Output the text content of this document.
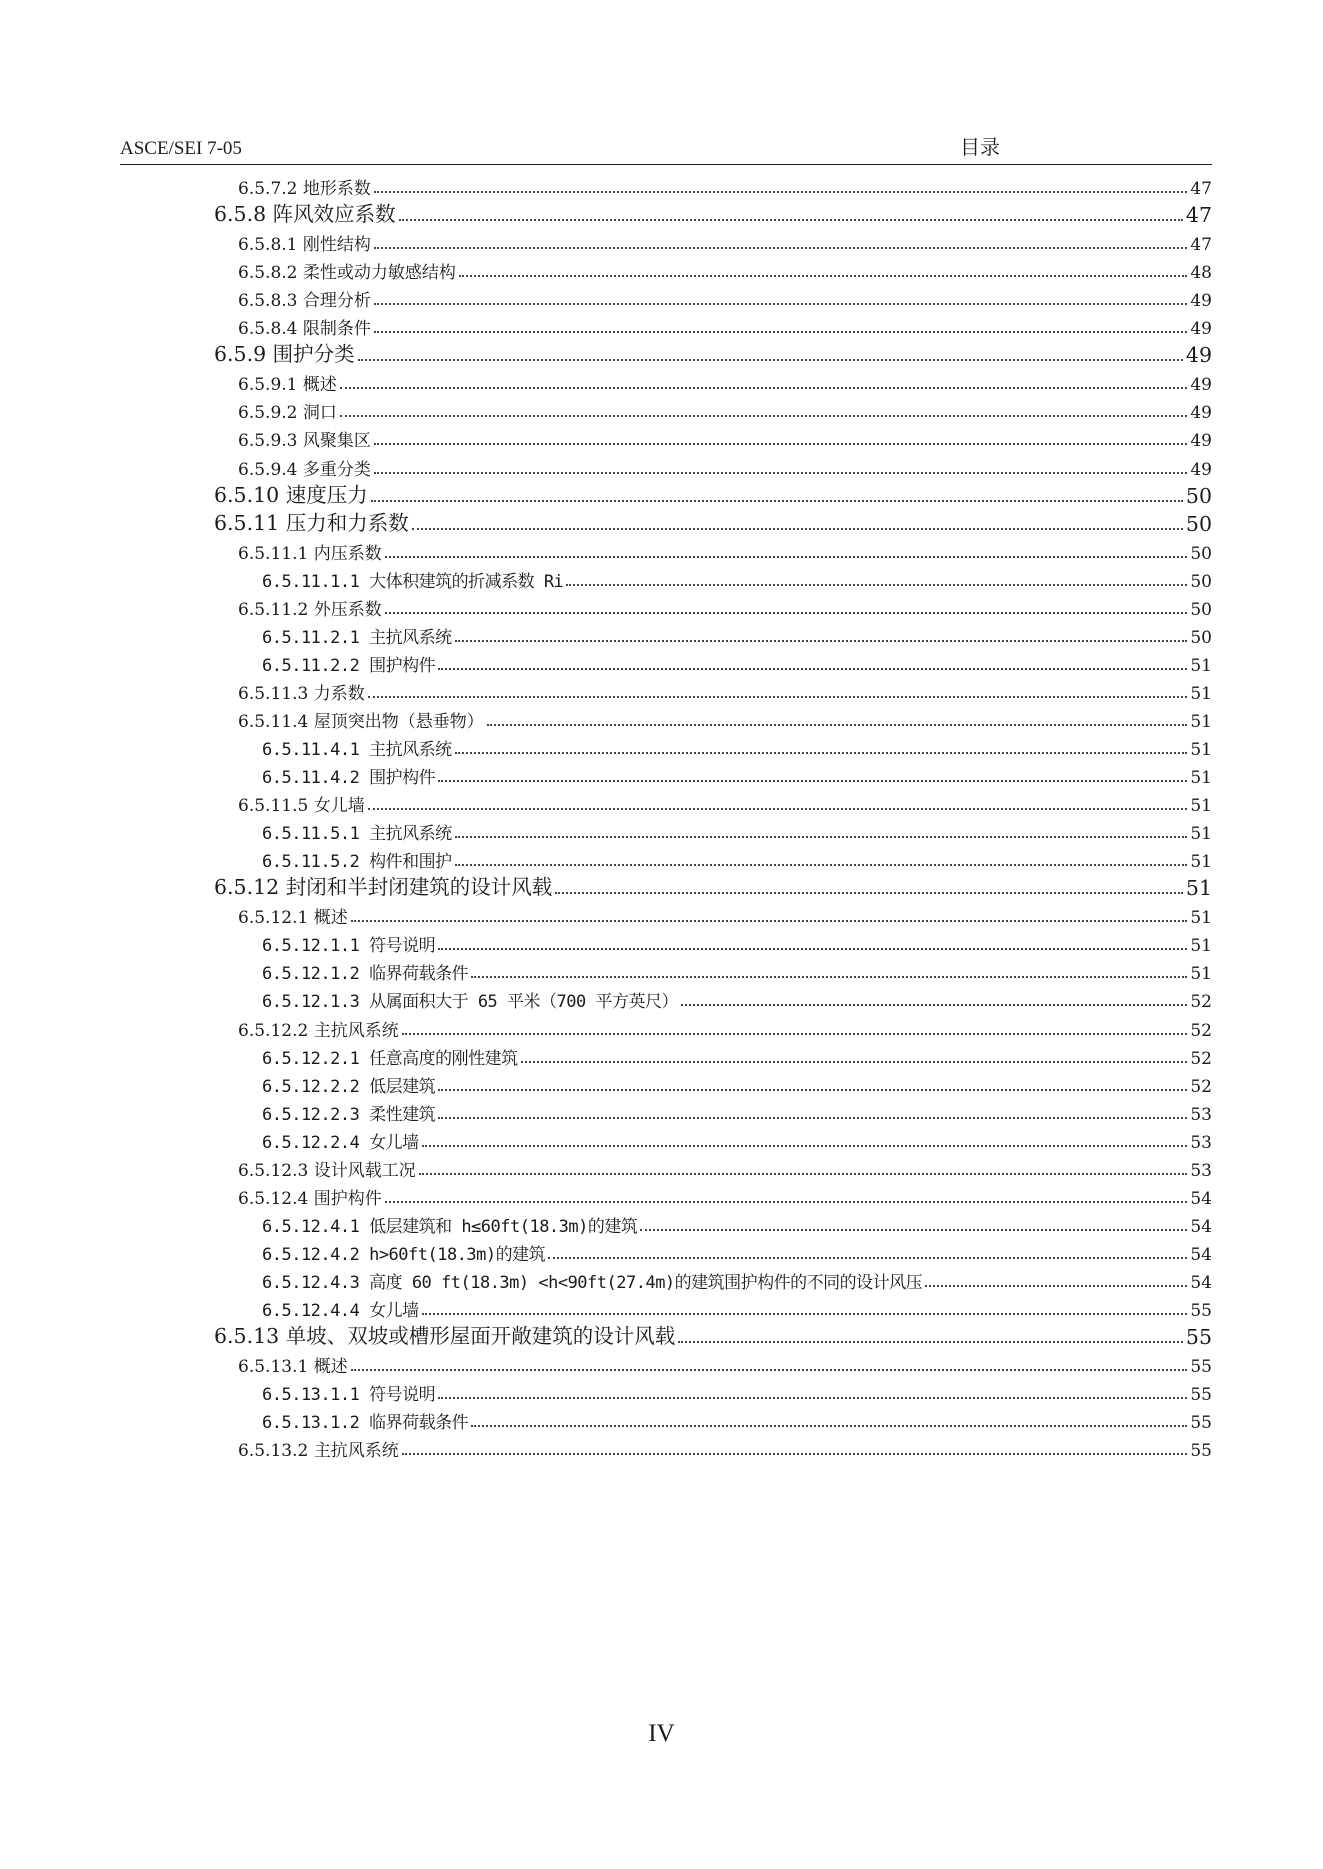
ASCE/SEI 7-05	目录
6.5.7.2 地形系数	47
6.5.8 阵风效应系数	47
6.5.8.1 刚性结构	47
6.5.8.2 柔性或动力敏感结构	48
6.5.8.3 合理分析	49
6.5.8.4 限制条件	49
6.5.9 围护分类	49
6.5.9.1 概述	49
6.5.9.2 洞口	49
6.5.9.3 风聚集区	49
6.5.9.4 多重分类	49
6.5.10 速度压力	50
6.5.11 压力和力系数	50
6.5.11.1 内压系数	50
6.5.11.1.1 大体积建筑的折减系数 Ri	50
6.5.11.2 外压系数	50
6.5.11.2.1 主抗风系统	50
6.5.11.2.2 围护构件	51
6.5.11.3 力系数	51
6.5.11.4 屋顶突出物（悬垂物）	51
6.5.11.4.1 主抗风系统	51
6.5.11.4.2 围护构件	51
6.5.11.5 女儿墙	51
6.5.11.5.1 主抗风系统	51
6.5.11.5.2 构件和围护	51
6.5.12 封闭和半封闭建筑的设计风载	51
6.5.12.1 概述	51
6.5.12.1.1 符号说明	51
6.5.12.1.2 临界荷载条件	51
6.5.12.1.3 从属面积大于 65 平米（700 平方英尺）	52
6.5.12.2 主抗风系统	52
6.5.12.2.1 任意高度的刚性建筑	52
6.5.12.2.2 低层建筑	52
6.5.12.2.3 柔性建筑	53
6.5.12.2.4 女儿墙	53
6.5.12.3 设计风载工况	53
6.5.12.4 围护构件	54
6.5.12.4.1 低层建筑和 h≤60ft(18.3m)的建筑	54
6.5.12.4.2 h>60ft(18.3m)的建筑	54
6.5.12.4.3 高度 60 ft(18.3m) <h<90ft(27.4m)的建筑围护构件的不同的设计风压	54
6.5.12.4.4 女儿墙	55
6.5.13 单坡、双坡或槽形屋面开敞建筑的设计风载	55
6.5.13.1 概述	55
6.5.13.1.1 符号说明	55
6.5.13.1.2 临界荷载条件	55
6.5.13.2 主抗风系统	55
IV
